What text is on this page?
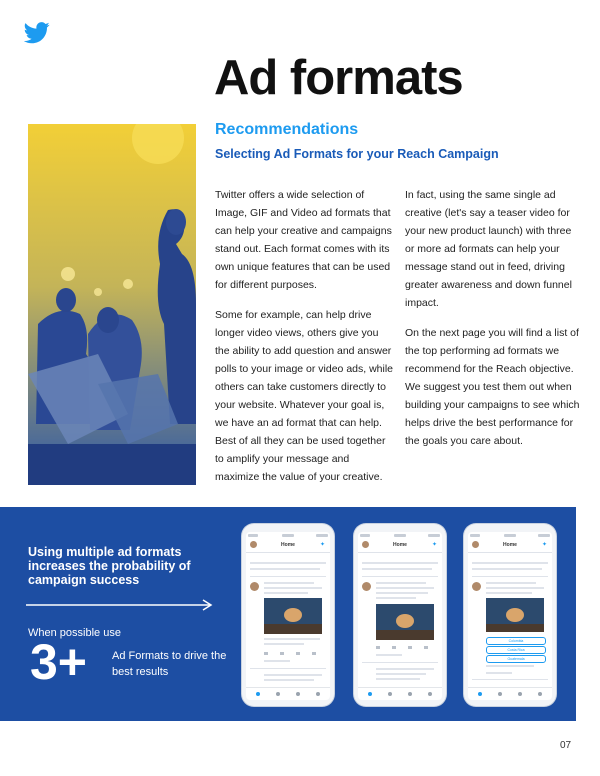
Ad formats
Recommendations
Selecting Ad Formats for your Reach Campaign

Twitter offers a wide selection of Image, GIF and Video ad formats that can help your creative and campaigns stand out. Each format comes with its own unique features that can be used for different purposes.

Some for example, can help drive longer video views, others give you the ability to add question and answer polls to your image or video ads, while others can take customers directly to your website. Whatever your goal is, we have an ad format that can help. Best of all they can be used together to amplify your message and maximize the value of your creative.

In fact, using the same single ad creative (let's say a teaser video for your new product launch) with three or more ad formats can help your message stand out in feed, driving greater awareness and down funnel impact.

On the next page you will find a list of the top performing ad formats we recommend for the Reach objective. We suggest you test them out when building your campaigns to see which helps drive the best performance for the goals you care about.

Using multiple ad formats increases the probability of campaign success
When possible use
3+ Ad Formats to drive the best results
Home	✦	Home	✦	Home	✦
Colombia
Costa Rica
Guatemala
07
